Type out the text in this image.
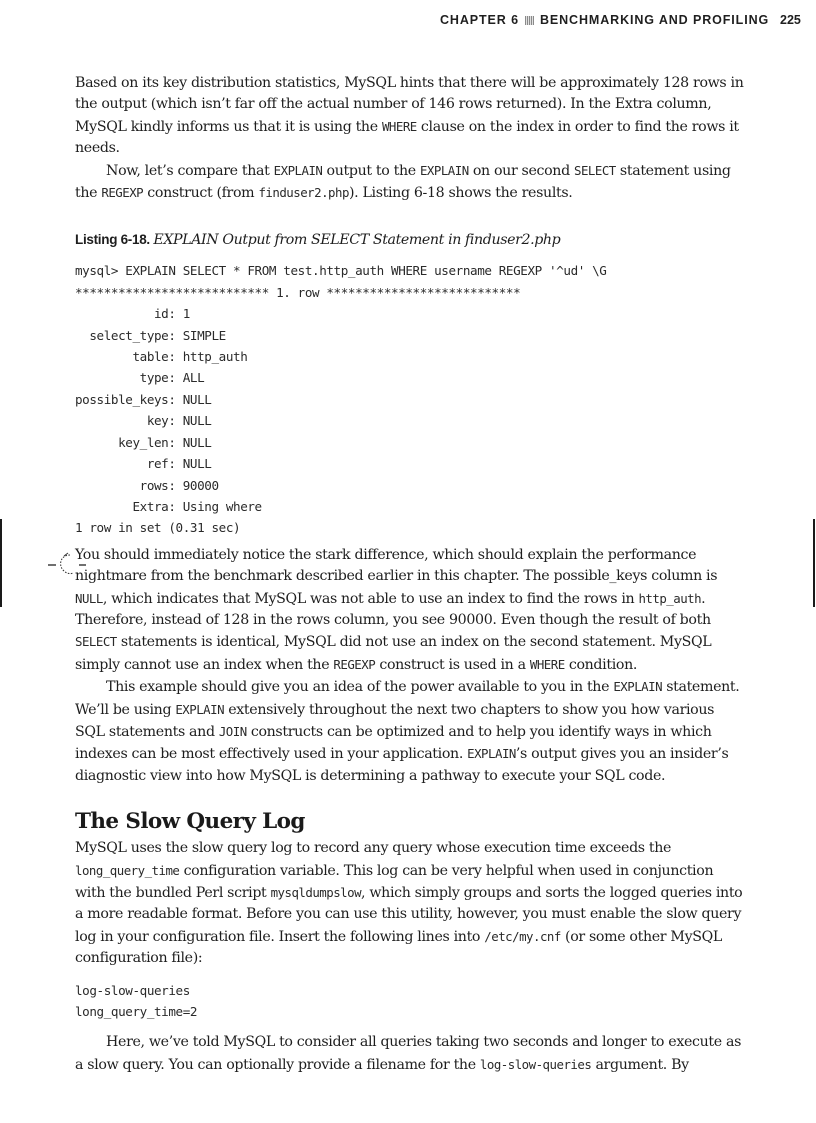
CHAPTER 6 BENCHMARKING AND PROFILING 225

Based on its key distribution statistics, MySQL hints that there will be approximately 128 rows in the output (which isn’t far off the actual number of 146 rows returned). In the Extra column, MySQL kindly informs us that it is using the WHERE clause on the index in order to find the rows it needs.

Now, let’s compare that EXPLAIN output to the EXPLAIN on our second SELECT statement using the REGEXP construct (from finduser2.php). Listing 6-18 shows the results.

Listing 6-18. EXPLAIN Output from SELECT Statement in finduser2.php
mysql> EXPLAIN SELECT * FROM test.http_auth WHERE username REGEXP '^ud' \G
*************************** 1. row ***************************
id: 1
select_type: SIMPLE
table: http_auth
type: ALL
possible_keys: NULL
key: NULL
key_len: NULL
ref: NULL
rows: 90000
Extra: Using where
1 row in set (0.31 sec)

You should immediately notice the stark difference, which should explain the performance nightmare from the benchmark described earlier in this chapter. The possible_keys column is NULL, which indicates that MySQL was not able to use an index to find the rows in http_auth. Therefore, instead of 128 in the rows column, you see 90000. Even though the result of both SELECT statements is identical, MySQL did not use an index on the second statement. MySQL simply cannot use an index when the REGEXP construct is used in a WHERE condition.

This example should give you an idea of the power available to you in the EXPLAIN statement. We’ll be using EXPLAIN extensively throughout the next two chapters to show you how various SQL statements and JOIN constructs can be optimized and to help you identify ways in which indexes can be most effectively used in your application. EXPLAIN’s output gives you an insider’s diagnostic view into how MySQL is determining a pathway to execute your SQL code.

The Slow Query Log

MySQL uses the slow query log to record any query whose execution time exceeds the long_query_time configuration variable. This log can be very helpful when used in conjunction with the bundled Perl script mysqldumpslow, which simply groups and sorts the logged queries into a more readable format. Before you can use this utility, however, you must enable the slow query log in your configuration file. Insert the following lines into /etc/my.cnf (or some other MySQL configuration file):

log-slow-queries
long_query_time=2

Here, we’ve told MySQL to consider all queries taking two seconds and longer to execute as a slow query. You can optionally provide a filename for the log-slow-queries argument. By
